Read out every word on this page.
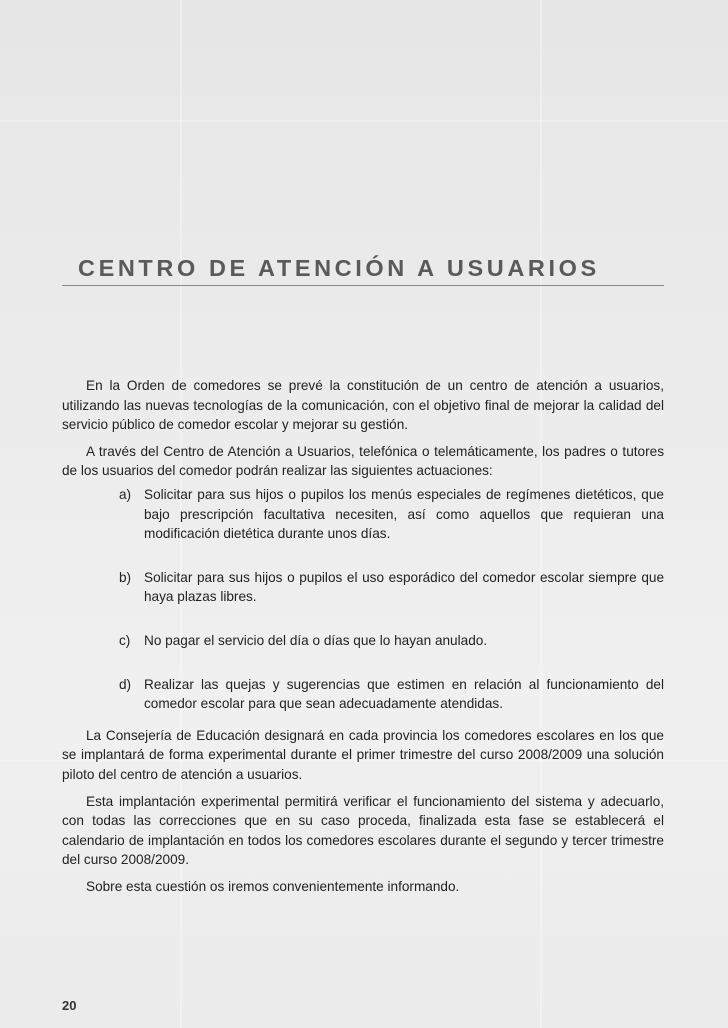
CENTRO DE ATENCIÓN A USUARIOS

En la Orden de comedores se prevé la constitución de un centro de atención a usuarios, utilizando las nuevas tecnologías de la comunicación, con el objetivo final de mejorar la calidad del servicio público de comedor escolar y mejorar su gestión.

A través del Centro de Atención a Usuarios, telefónica o telemáticamente, los padres o tutores de los usuarios del comedor podrán realizar las siguientes actuaciones:

a) Solicitar para sus hijos o pupilos los menús especiales de regímenes dietéticos, que bajo prescripción facultativa necesiten, así como aquellos que requieran una modificación dietética durante unos días.
b) Solicitar para sus hijos o pupilos el uso esporádico del comedor escolar siempre que haya plazas libres.
c) No pagar el servicio del día o días que lo hayan anulado.
d) Realizar las quejas y sugerencias que estimen en relación al funcionamiento del comedor escolar para que sean adecuadamente atendidas.

La Consejería de Educación designará en cada provincia los comedores escolares en los que se implantará de forma experimental durante el primer trimestre del curso 2008/2009 una solución piloto del centro de atención a usuarios.

Esta implantación experimental permitirá verificar el funcionamiento del sistema y adecuarlo, con todas las correcciones que en su caso proceda, finalizada esta fase se establecerá el calendario de implantación en todos los comedores escolares durante el segundo y tercer trimestre del curso 2008/2009.

Sobre esta cuestión os iremos convenientemente informando.

20
